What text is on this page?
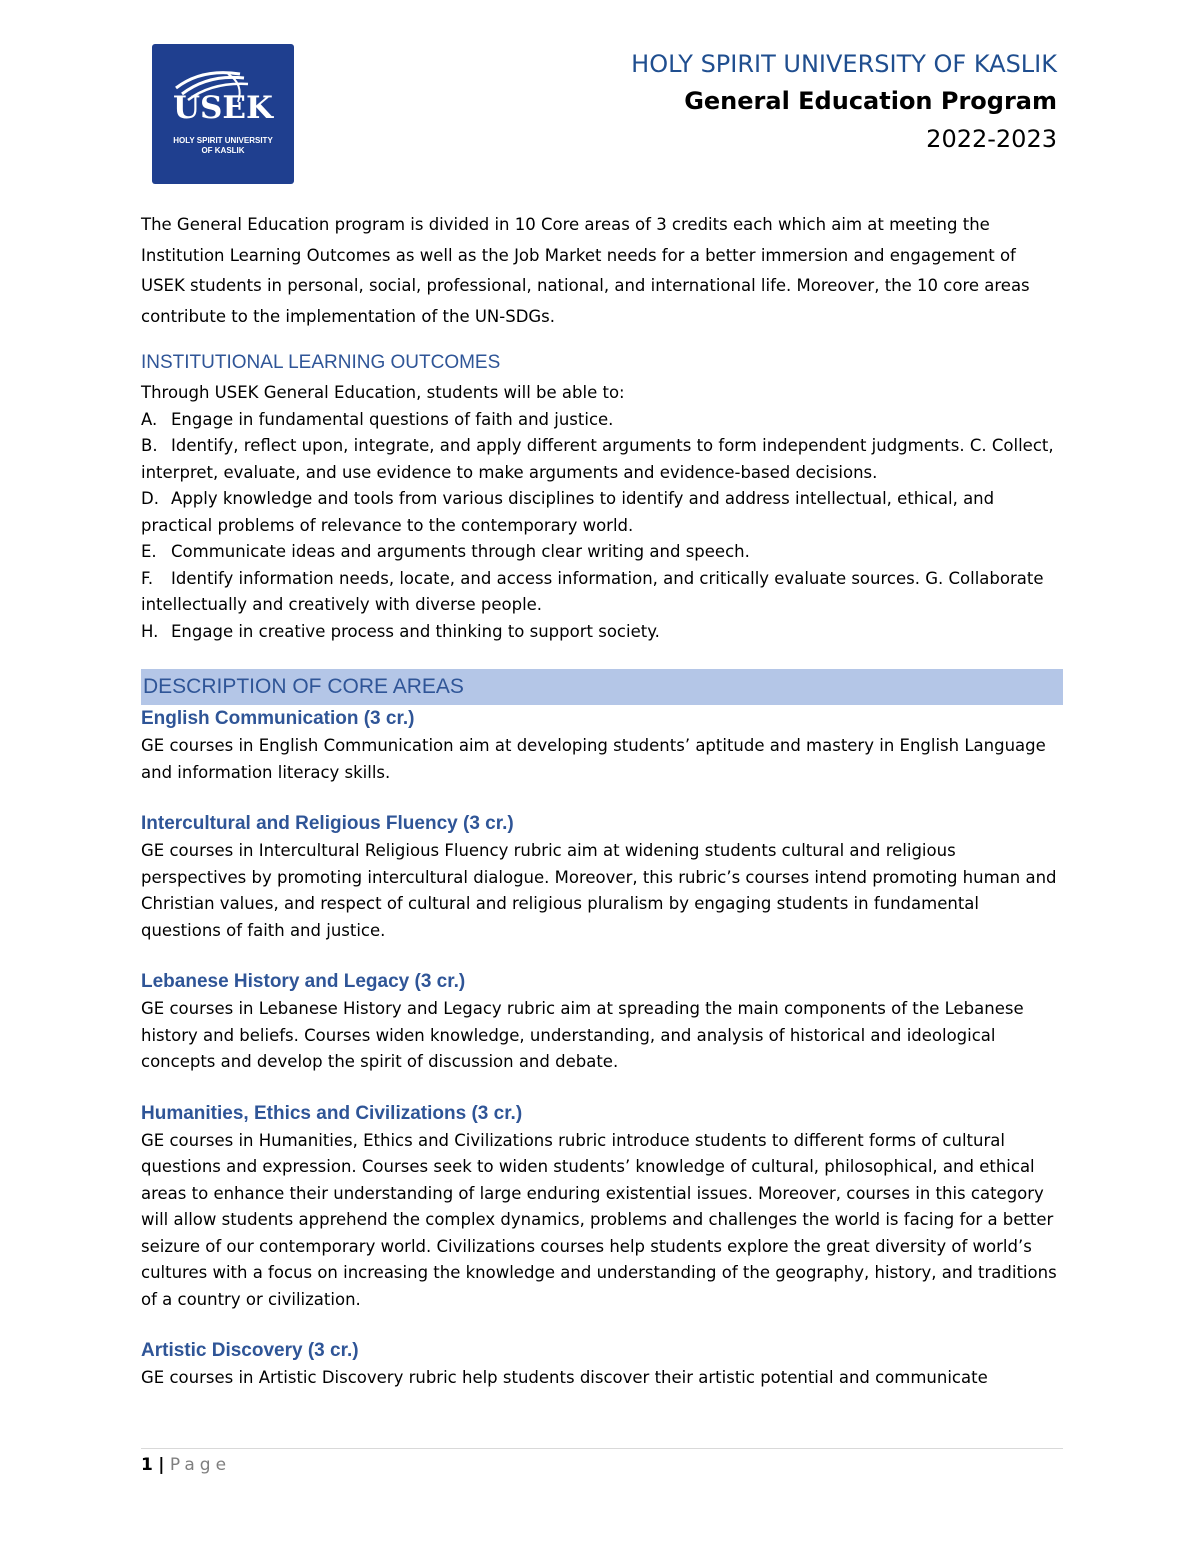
USEK
HOLY SPIRIT UNIVERSITY
OF KASLIK
HOLY SPIRIT UNIVERSITY OF KASLIK
General Education Program
2022-2023

The General Education program is divided in 10 Core areas of 3 credits each which aim at meeting the Institution Learning Outcomes as well as the Job Market needs for a better immersion and engagement of USEK students in personal, social, professional, national, and international life. Moreover, the 10 core areas contribute to the implementation of the UN-SDGs.

INSTITUTIONAL LEARNING OUTCOMES

Through USEK General Education, students will be able to:

A. Engage in fundamental questions of faith and justice.

B. Identify, reflect upon, integrate, and apply different arguments to form independent judgments. C. Collect, interpret, evaluate, and use evidence to make arguments and evidence-based decisions.

D. Apply knowledge and tools from various disciplines to identify and address intellectual, ethical, and practical problems of relevance to the contemporary world.

E. Communicate ideas and arguments through clear writing and speech.

F. Identify information needs, locate, and access information, and critically evaluate sources. G. Collaborate intellectually and creatively with diverse people.

H. Engage in creative process and thinking to support society.

DESCRIPTION OF CORE AREAS
English Communication (3 cr.)

GE courses in English Communication aim at developing students’ aptitude and mastery in English Language and information literacy skills.

Intercultural and Religious Fluency (3 cr.)

GE courses in Intercultural Religious Fluency rubric aim at widening students cultural and religious perspectives by promoting intercultural dialogue. Moreover, this rubric’s courses intend promoting human and Christian values, and respect of cultural and religious pluralism by engaging students in fundamental questions of faith and justice.

Lebanese History and Legacy (3 cr.)

GE courses in Lebanese History and Legacy rubric aim at spreading the main components of the Lebanese history and beliefs. Courses widen knowledge, understanding, and analysis of historical and ideological concepts and develop the spirit of discussion and debate.

Humanities, Ethics and Civilizations (3 cr.)

GE courses in Humanities, Ethics and Civilizations rubric introduce students to different forms of cultural questions and expression. Courses seek to widen students’ knowledge of cultural, philosophical, and ethical areas to enhance their understanding of large enduring existential issues. Moreover, courses in this category will allow students apprehend the complex dynamics, problems and challenges the world is facing for a better seizure of our contemporary world. Civilizations courses help students explore the great diversity of world’s cultures with a focus on increasing the knowledge and understanding of the geography, history, and traditions of a country or civilization.

Artistic Discovery (3 cr.)

GE courses in Artistic Discovery rubric help students discover their artistic potential and communicate

1 | Page
